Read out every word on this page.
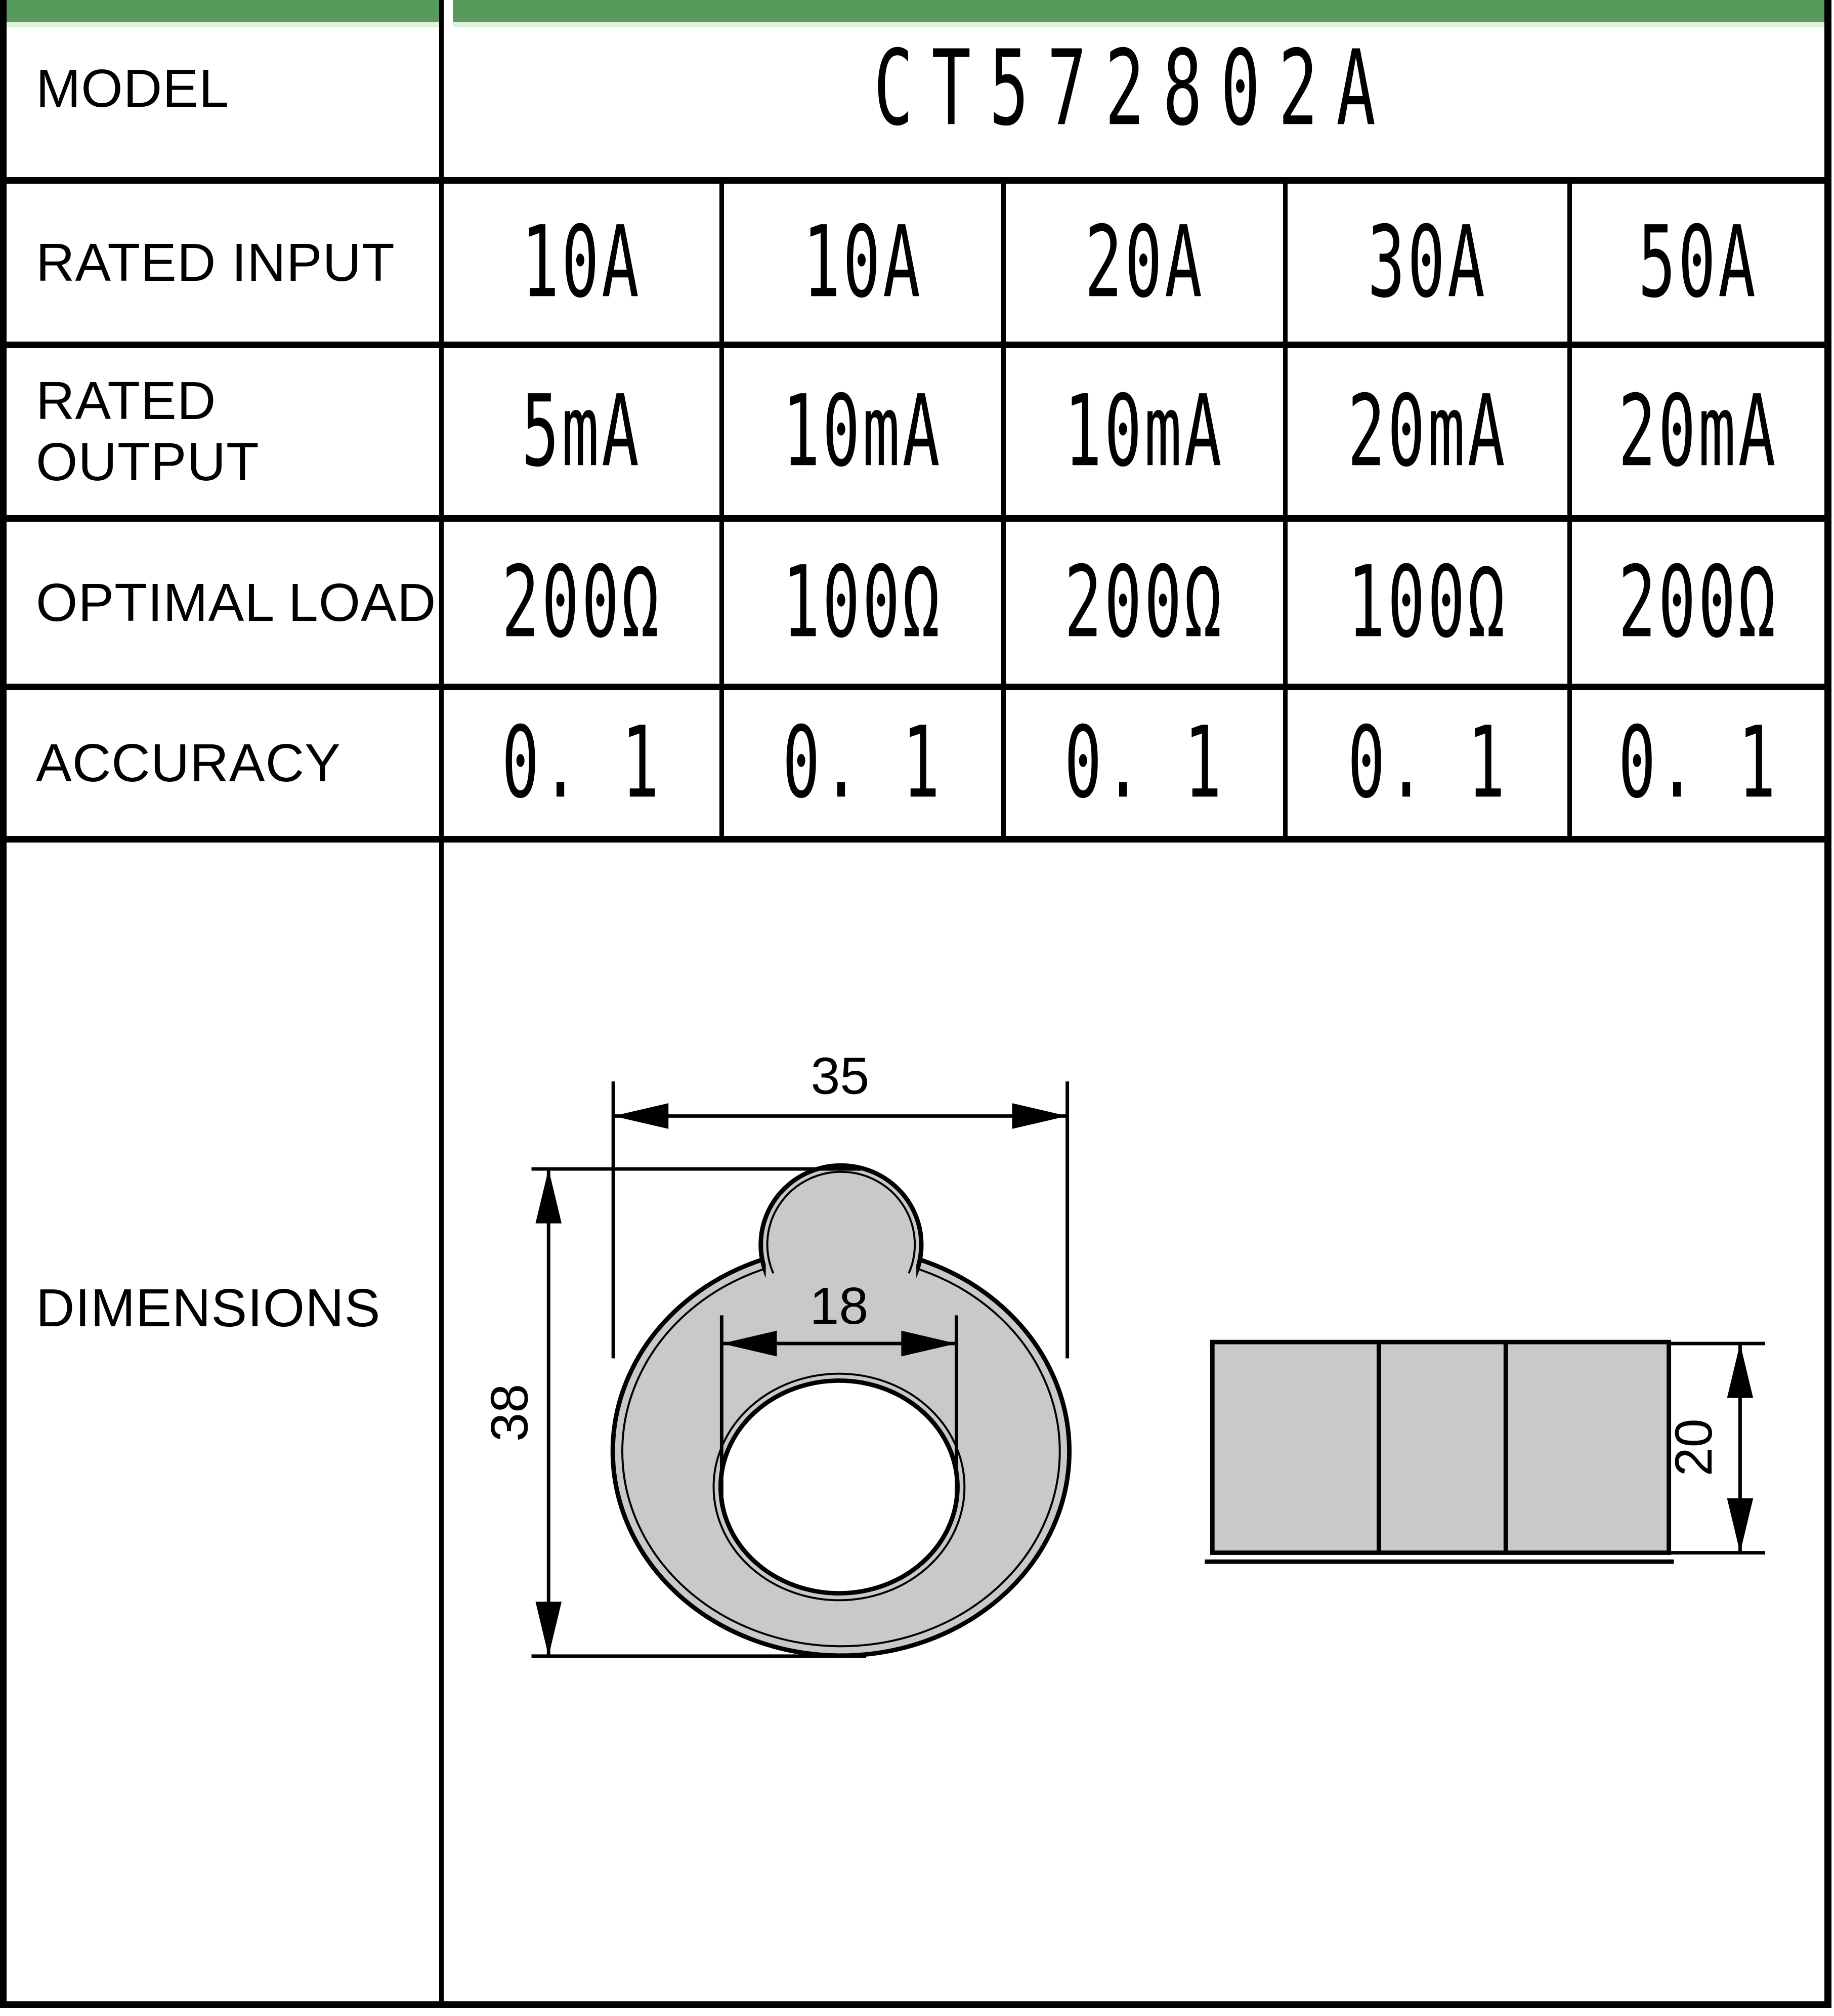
MODEL	CT572802A
RATED INPUT 10A 10A 20A 30A 50A
RATED OUTPUT	5mA 10mA 10mA 20mA 20mA
OPTIMAL LOAD 200Ω 100Ω 200Ω 100Ω 200Ω
ACCURACY 0. 1 0. 1 0. 1 0. 1 0. 1
DIMENSIONS
35
18
38
20
